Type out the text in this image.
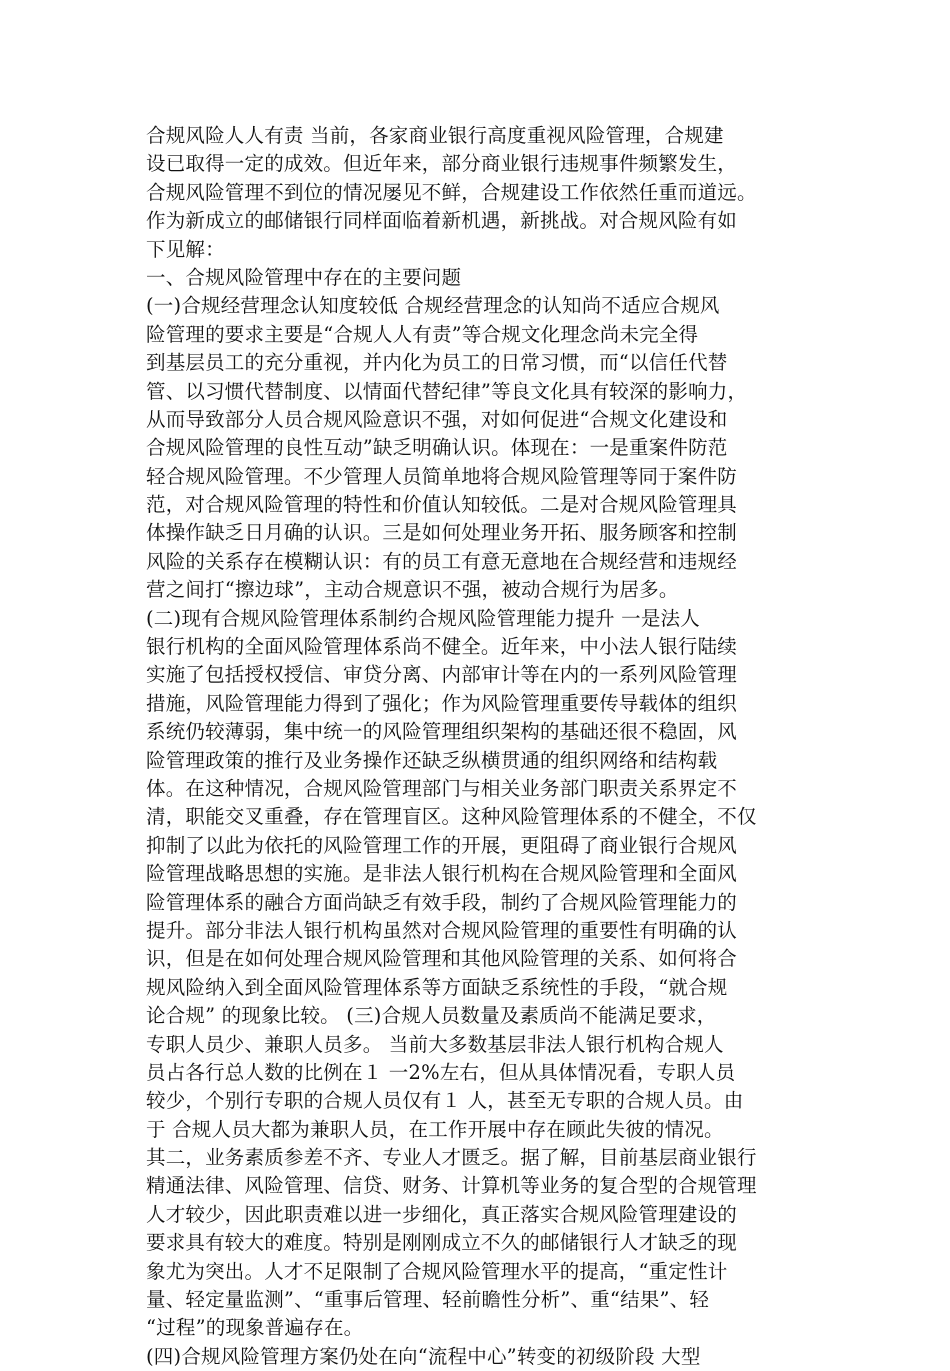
合规风险人人有责 当前，各家商业银行高度重视风险管理，合规建
设已取得一定的成效。但近年来，部分商业银行违规事件频繁发生，
合规风险管理不到位的情况屡见不鲜，合规建设工作依然任重而道远。
作为新成立的邮储银行同样面临着新机遇，新挑战。对合规风险有如
下见解：
一、合规风险管理中存在的主要问题
(一)合规经营理念认知度较低 合规经营理念的认知尚不适应合规风
险管理的要求主要是“合规人人有责”等合规文化理念尚未完全得
到基层员工的充分重视，并内化为员工的日常习惯，而“以信任代替
管、以习惯代替制度、以情面代替纪律”等良文化具有较深的影响力，
从而导致部分人员合规风险意识不强，对如何促进“合规文化建设和
合规风险管理的良性互动”缺乏明确认识。体现在：一是重案件防范
轻合规风险管理。不少管理人员简单地将合规风险管理等同于案件防
范，对合规风险管理的特性和价值认知较低。二是对合规风险管理具
体操作缺乏日月确的认识。三是如何处理业务开拓、服务顾客和控制
风险的关系存在模糊认识：有的员工有意无意地在合规经营和违规经
营之间打“擦边球”，主动合规意识不强，被动合规行为居多。
(二)现有合规风险管理体系制约合规风险管理能力提升 一是法人
银行机构的全面风险管理体系尚不健全。近年来，中小法人银行陆续
实施了包括授权授信、审贷分离、内部审计等在内的一系列风险管理
措施，风险管理能力得到了强化；作为风险管理重要传导载体的组织
系统仍较薄弱，集中统一的风险管理组织架构的基础还很不稳固，风
险管理政策的推行及业务操作还缺乏纵横贯通的组织网络和结构载
体。在这种情况，合规风险管理部门与相关业务部门职责关系界定不
清，职能交叉重叠，存在管理盲区。这种风险管理体系的不健全，不仅
抑制了以此为依托的风险管理工作的开展，更阻碍了商业银行合规风
险管理战略思想的实施。是非法人银行机构在合规风险管理和全面风
险管理体系的融合方面尚缺乏有效手段，制约了合规风险管理能力的
提升。部分非法人银行机构虽然对合规风险管理的重要性有明确的认
识，但是在如何处理合规风险管理和其他风险管理的关系、如何将合
规风险纳入到全面风险管理体系等方面缺乏系统性的手段，“就合规
论合规” 的现象比较。 (三)合规人员数量及素质尚不能满足要求，
专职人员少、兼职人员多。 当前大多数基层非法人银行机构合规人
员占各行总人数的比例在１ 一2%左右，但从具体情况看，专职人员
较少，个别行专职的合规人员仅有１ 人，甚至无专职的合规人员。由
于 合规人员大都为兼职人员，在工作开展中存在顾此失彼的情况。
其二，业务素质参差不齐、专业人才匮乏。据了解，目前基层商业银行
精通法律、风险管理、信贷、财务、计算机等业务的复合型的合规管理
人才较少，因此职责难以进一步细化，真正落实合规风险管理建设的
要求具有较大的难度。特别是刚刚成立不久的邮储银行人才缺乏的现
象尤为突出。人才不足限制了合规风险管理水平的提高，“重定性计
量、轻定量监测”、“重事后管理、轻前瞻性分析”、重“结果”、轻
“过程”的现象普遍存在。
(四)合规风险管理方案仍处在向“流程中心”转变的初级阶段 大型
